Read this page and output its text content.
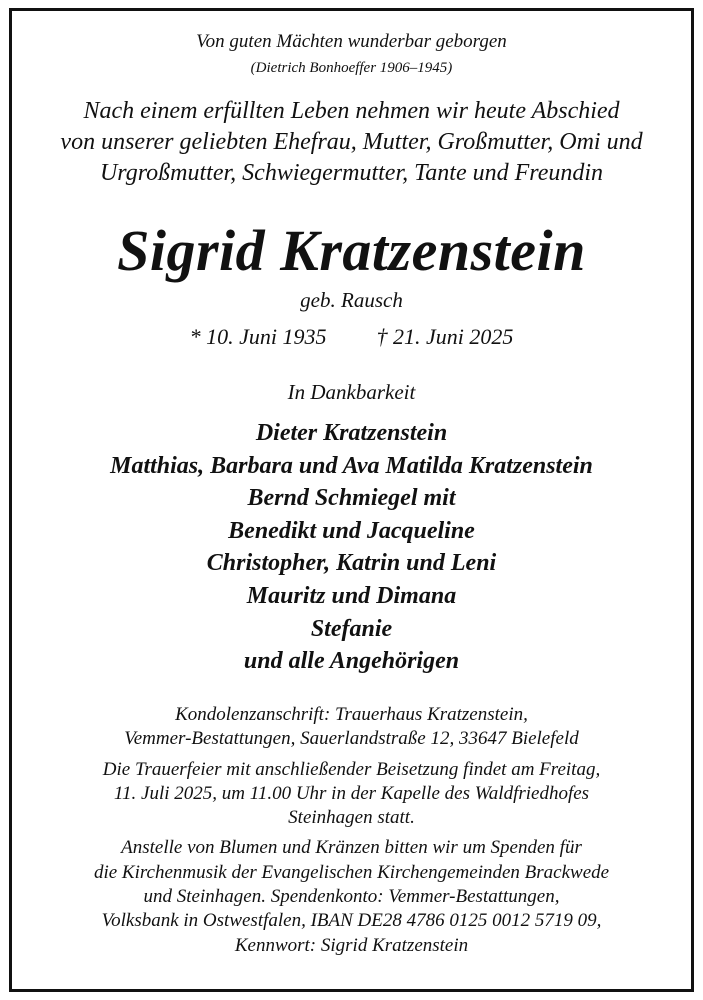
Von guten Mächten wunderbar geborgen
(Dietrich Bonhoeffer 1906–1945)
Nach einem erfüllten Leben nehmen wir heute Abschied
von unserer geliebten Ehefrau, Mutter, Großmutter, Omi und
Urgroßmutter, Schwiegermutter, Tante und Freundin
Sigrid Kratzenstein
geb. Rausch
* 10. Juni 1935 † 21. Juni 2025
In Dankbarkeit
Dieter Kratzenstein
Matthias, Barbara und Ava Matilda Kratzenstein
Bernd Schmiegel mit
Benedikt und Jacqueline
Christopher, Katrin und Leni
Mauritz und Dimana
Stefanie
und alle Angehörigen
Kondolenzanschrift: Trauerhaus Kratzenstein,
Vemmer-Bestattungen, Sauerlandstraße 12, 33647 Bielefeld
Die Trauerfeier mit anschließender Beisetzung findet am Freitag,
11. Juli 2025, um 11.00 Uhr in der Kapelle des Waldfriedhofes
Steinhagen statt.
Anstelle von Blumen und Kränzen bitten wir um Spenden für
die Kirchenmusik der Evangelischen Kirchengemeinden Brackwede
und Steinhagen. Spendenkonto: Vemmer-Bestattungen,
Volksbank in Ostwestfalen, IBAN DE28 4786 0125 0012 5719 09,
Kennwort: Sigrid Kratzenstein
